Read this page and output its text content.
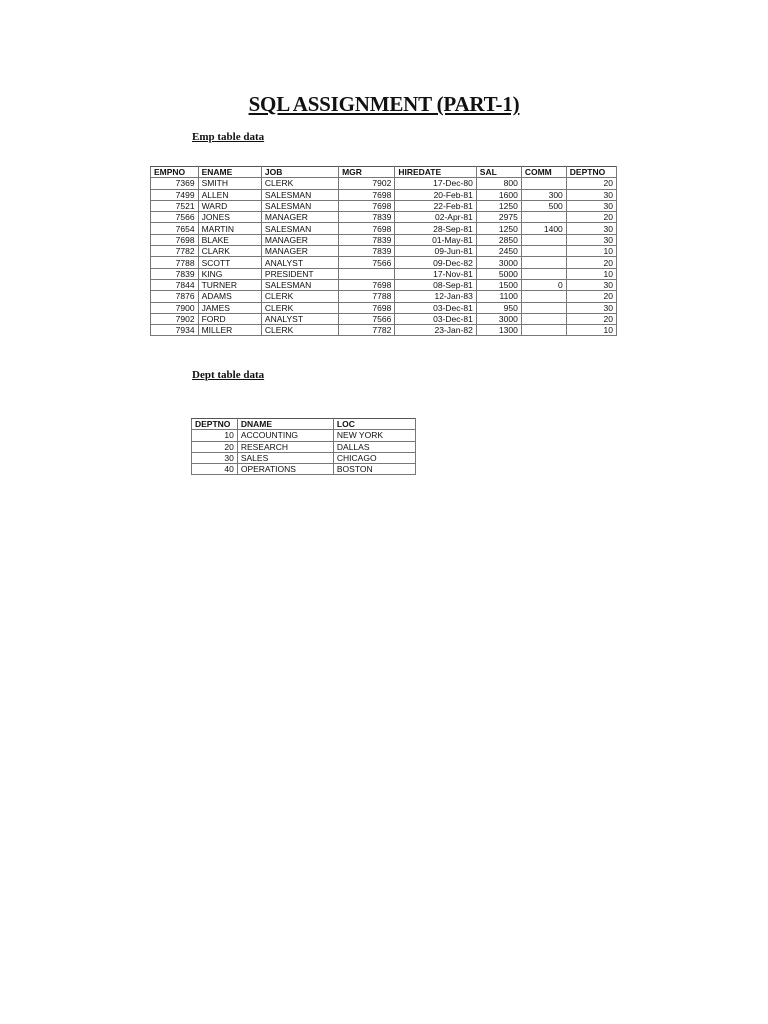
SQL ASSIGNMENT (PART-1)
Emp table data
EMPNO	ENAME	JOB	MGR	HIREDATE	SAL	COMM	DEPTNO
7369	SMITH	CLERK	7902	17-Dec-80	800		20
7499	ALLEN	SALESMAN	7698	20-Feb-81	1600	300	30
7521	WARD	SALESMAN	7698	22-Feb-81	1250	500	30
7566	JONES	MANAGER	7839	02-Apr-81	2975		20
7654	MARTIN	SALESMAN	7698	28-Sep-81	1250	1400	30
7698	BLAKE	MANAGER	7839	01-May-81	2850		30
7782	CLARK	MANAGER	7839	09-Jun-81	2450		10
7788	SCOTT	ANALYST	7566	09-Dec-82	3000		20
7839	KING	PRESIDENT		17-Nov-81	5000		10
7844	TURNER	SALESMAN	7698	08-Sep-81	1500	0	30
7876	ADAMS	CLERK	7788	12-Jan-83	1100		20
7900	JAMES	CLERK	7698	03-Dec-81	950		30
7902	FORD	ANALYST	7566	03-Dec-81	3000		20
7934	MILLER	CLERK	7782	23-Jan-82	1300		10
Dept table data
DEPTNO	DNAME	LOC
10	ACCOUNTING	NEW YORK
20	RESEARCH	DALLAS
30	SALES	CHICAGO
40	OPERATIONS	BOSTON
